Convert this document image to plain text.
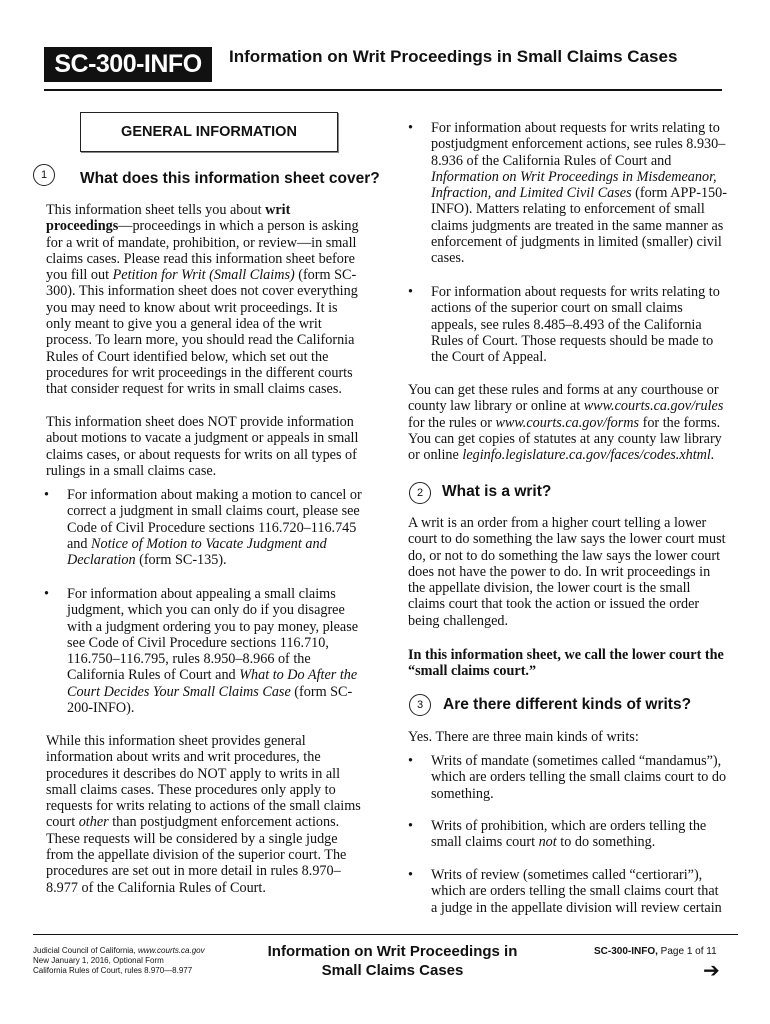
SC-300-INFO	Information on Writ Proceedings in Small Claims Cases
GENERAL INFORMATION
1	What does this information sheet cover?

This information sheet tells you about writ proceedings—proceedings in which a person is asking for a writ of mandate, prohibition, or review—in small claims cases. Please read this information sheet before you fill out Petition for Writ (Small Claims) (form SC-300). This information sheet does not cover everything you may need to know about writ proceedings. It is only meant to give you a general idea of the writ process. To learn more, you should read the California Rules of Court identified below, which set out the procedures for writ proceedings in the different courts that consider request for writs in small claims cases.

This information sheet does NOT provide information about motions to vacate a judgment or appeals in small claims cases, or about requests for writs on all types of rulings in a small claims case.

• For information about making a motion to cancel or correct a judgment in small claims court, please see Code of Civil Procedure sections 116.720–116.745 and Notice of Motion to Vacate Judgment and Declaration (form SC-135).
• For information about appealing a small claims judgment, which you can only do if you disagree with a judgment ordering you to pay money, please see Code of Civil Procedure sections 116.710, 116.750–116.795, rules 8.950–8.966 of the California Rules of Court and What to Do After the Court Decides Your Small Claims Case (form SC-200-INFO).

While this information sheet provides general information about writs and writ procedures, the procedures it describes do NOT apply to writs in all small claims cases. These procedures only apply to requests for writs relating to actions of the small claims court other than postjudgment enforcement actions. These requests will be considered by a single judge from the appellate division of the superior court. The procedures are set out in more detail in rules 8.970–8.977 of the California Rules of Court.

• For information about requests for writs relating to postjudgment enforcement actions, see rules 8.930–8.936 of the California Rules of Court and Information on Writ Proceedings in Misdemeanor, Infraction, and Limited Civil Cases (form APP-150-INFO). Matters relating to enforcement of small claims judgments are treated in the same manner as enforcement of judgments in limited (smaller) civil cases.
• For information about requests for writs relating to actions of the superior court on small claims appeals, see rules 8.485–8.493 of the California Rules of Court. Those requests should be made to the Court of Appeal.

You can get these rules and forms at any courthouse or county law library or online at www.courts.ca.gov/rules for the rules or www.courts.ca.gov/forms for the forms. You can get copies of statutes at any county law library or online leginfo.legislature.ca.gov/faces/codes.xhtml.

2	What is a writ?

A writ is an order from a higher court telling a lower court to do something the law says the lower court must do, or not to do something the law says the lower court does not have the power to do. In writ proceedings in the appellate division, the lower court is the small claims court that took the action or issued the order being challenged.

In this information sheet, we call the lower court the “small claims court.”

3	Are there different kinds of writs?

Yes. There are three main kinds of writs:

• Writs of mandate (sometimes called “mandamus”), which are orders telling the small claims court to do something.
• Writs of prohibition, which are orders telling the small claims court not to do something.
• Writs of review (sometimes called “certiorari”), which are orders telling the small claims court that a judge in the appellate division will review certain
Judicial Council of California, www.courts.ca.gov
New January 1, 2016, Optional Form
California Rules of Court, rules 8.970—8.977
Information on Writ Proceedings in
Small Claims Cases
SC-300-INFO, Page 1 of 11
➔
